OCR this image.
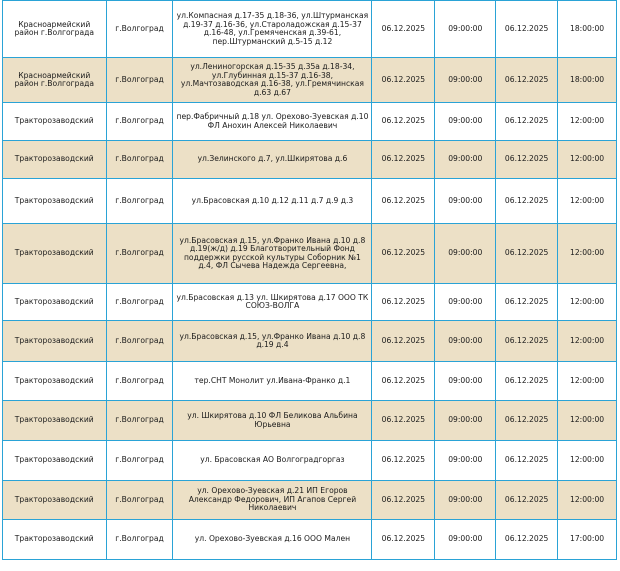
Красноармейский район г.Волгограда	г.Волгоград	ул.Компасная д.17-35 д.18-36, ул.Штурманская д.19-37 д.16-36, ул.Староладожская д.15-37 д.16-48, ул.Гремяченская д.39-61, пер.Штурманский д.5-15 д.12	06.12.2025	09:00:00	06.12.2025	18:00:00
Красноармейский район г.Волгограда	г.Волгоград	ул.Лениногорская д.15-35 д.35а д.18-34, ул.Глубинная д.15-37 д.16-38, ул.Мачтозаводская д.16-38, ул.Гремячинская д.63 д.67	06.12.2025	09:00:00	06.12.2025	18:00:00
Тракторозаводский	г.Волгоград	пер.Фабричный д.18 ул. Орехово-Зуевская д.10 ФЛ Анохин Алексей Николаевич	06.12.2025	09:00:00	06.12.2025	12:00:00
Тракторозаводский	г.Волгоград	ул.Зелинского д.7, ул.Шкирятова д.6	06.12.2025	09:00:00	06.12.2025	12:00:00
Тракторозаводский	г.Волгоград	ул.Брасовская д.10 д.12 д.11 д.7 д.9 д.3	06.12.2025	09:00:00	06.12.2025	12:00:00
Тракторозаводский	г.Волгоград	ул.Брасовская д.15, ул.Франко Ивана д.10 д.8 д.19(ж/д) д.19 Благотворительный Фонд поддержки русской культуры Соборник №1 д.4, ФЛ Сычева Надежда Сергеевна,	06.12.2025	09:00:00	06.12.2025	12:00:00
Тракторозаводский	г.Волгоград	ул.Брасовская д.13 ул. Шкирятова д.17 ООО ТК СОЮЗ-ВОЛГА	06.12.2025	09:00:00	06.12.2025	12:00:00
Тракторозаводский	г.Волгоград	ул.Брасовская д.15, ул.Франко Ивана д.10 д.8 д.19 д.4	06.12.2025	09:00:00	06.12.2025	12:00:00
Тракторозаводский	г.Волгоград	тер.СНТ Монолит ул.Ивана-Франко д.1	06.12.2025	09:00:00	06.12.2025	12:00:00
Тракторозаводский	г.Волгоград	ул. Шкирятова д.10 ФЛ Беликова Альбина Юрьевна	06.12.2025	09:00:00	06.12.2025	12:00:00
Тракторозаводский	г.Волгоград	ул. Брасовская АО Волгоградгоргаз	06.12.2025	09:00:00	06.12.2025	12:00:00
Тракторозаводский	г.Волгоград	ул. Орехово-Зуевская д.21 ИП Егоров Александр Федорович, ИП Агапов Сергей Николаевич	06.12.2025	09:00:00	06.12.2025	12:00:00
Тракторозаводский	г.Волгоград	ул. Орехово-Зуевская д.16 ООО Мален	06.12.2025	09:00:00	06.12.2025	17:00:00
